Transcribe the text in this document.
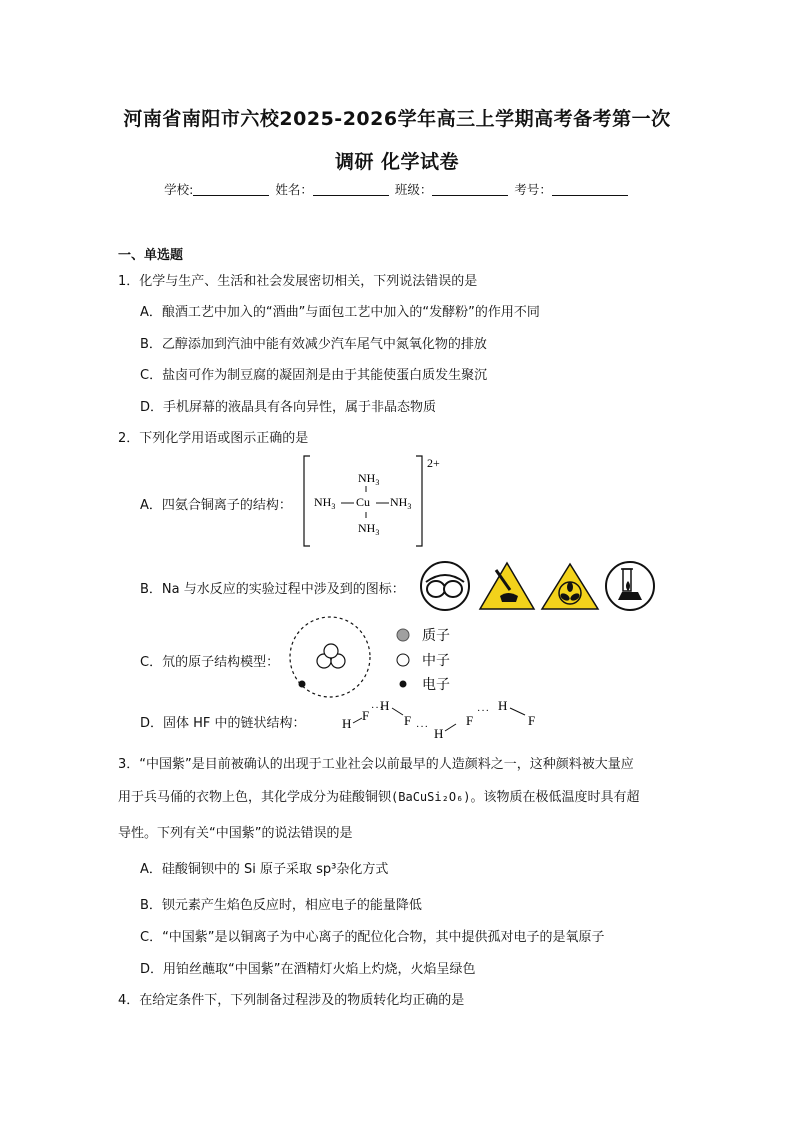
河南省南阳市六校2025-2026学年高三上学期高考备考第一次
调研 化学试卷
学校:	姓名：	班级：	考号：
一、单选题
1．化学与生产、生活和社会发展密切相关，下列说法错误的是
A．酿酒工艺中加入的“酒曲”与面包工艺中加入的“发酵粉”的作用不同
B．乙醇添加到汽油中能有效减少汽车尾气中氮氧化物的排放
C．盐卤可作为制豆腐的凝固剂是由于其能使蛋白质发生聚沉
D．手机屏幕的液晶具有各向异性，属于非晶态物质
2．下列化学用语或图示正确的是
A．四氨合铜离子的结构：
2+
$NH_3$
$NH_3$ Cu $NH_3$
$NH_3$
B．Na 与水反应的实验过程中涉及到的图标：
C．氘的原子结构模型：
质子
中子
电子
D．固体 HF 中的链状结构：	H
F ···
H
F ··· H
F
··· H
F
3．“中国紫”是目前被确认的出现于工业社会以前最早的人造颜料之一，这种颜料被大量应
用于兵马俑的衣物上色，其化学成分为硅酸铜钡(BaCuSi₂O₆)。该物质在极低温度时具有超
导性。下列有关“中国紫”的说法错误的是
A．硅酸铜钡中的 Si 原子采取 sp³杂化方式
B．钡元素产生焰色反应时，相应电子的能量降低
C．“中国紫”是以铜离子为中心离子的配位化合物，其中提供孤对电子的是氧原子
D．用铂丝蘸取“中国紫”在酒精灯火焰上灼烧，火焰呈绿色
4．在给定条件下，下列制备过程涉及的物质转化均正确的是
